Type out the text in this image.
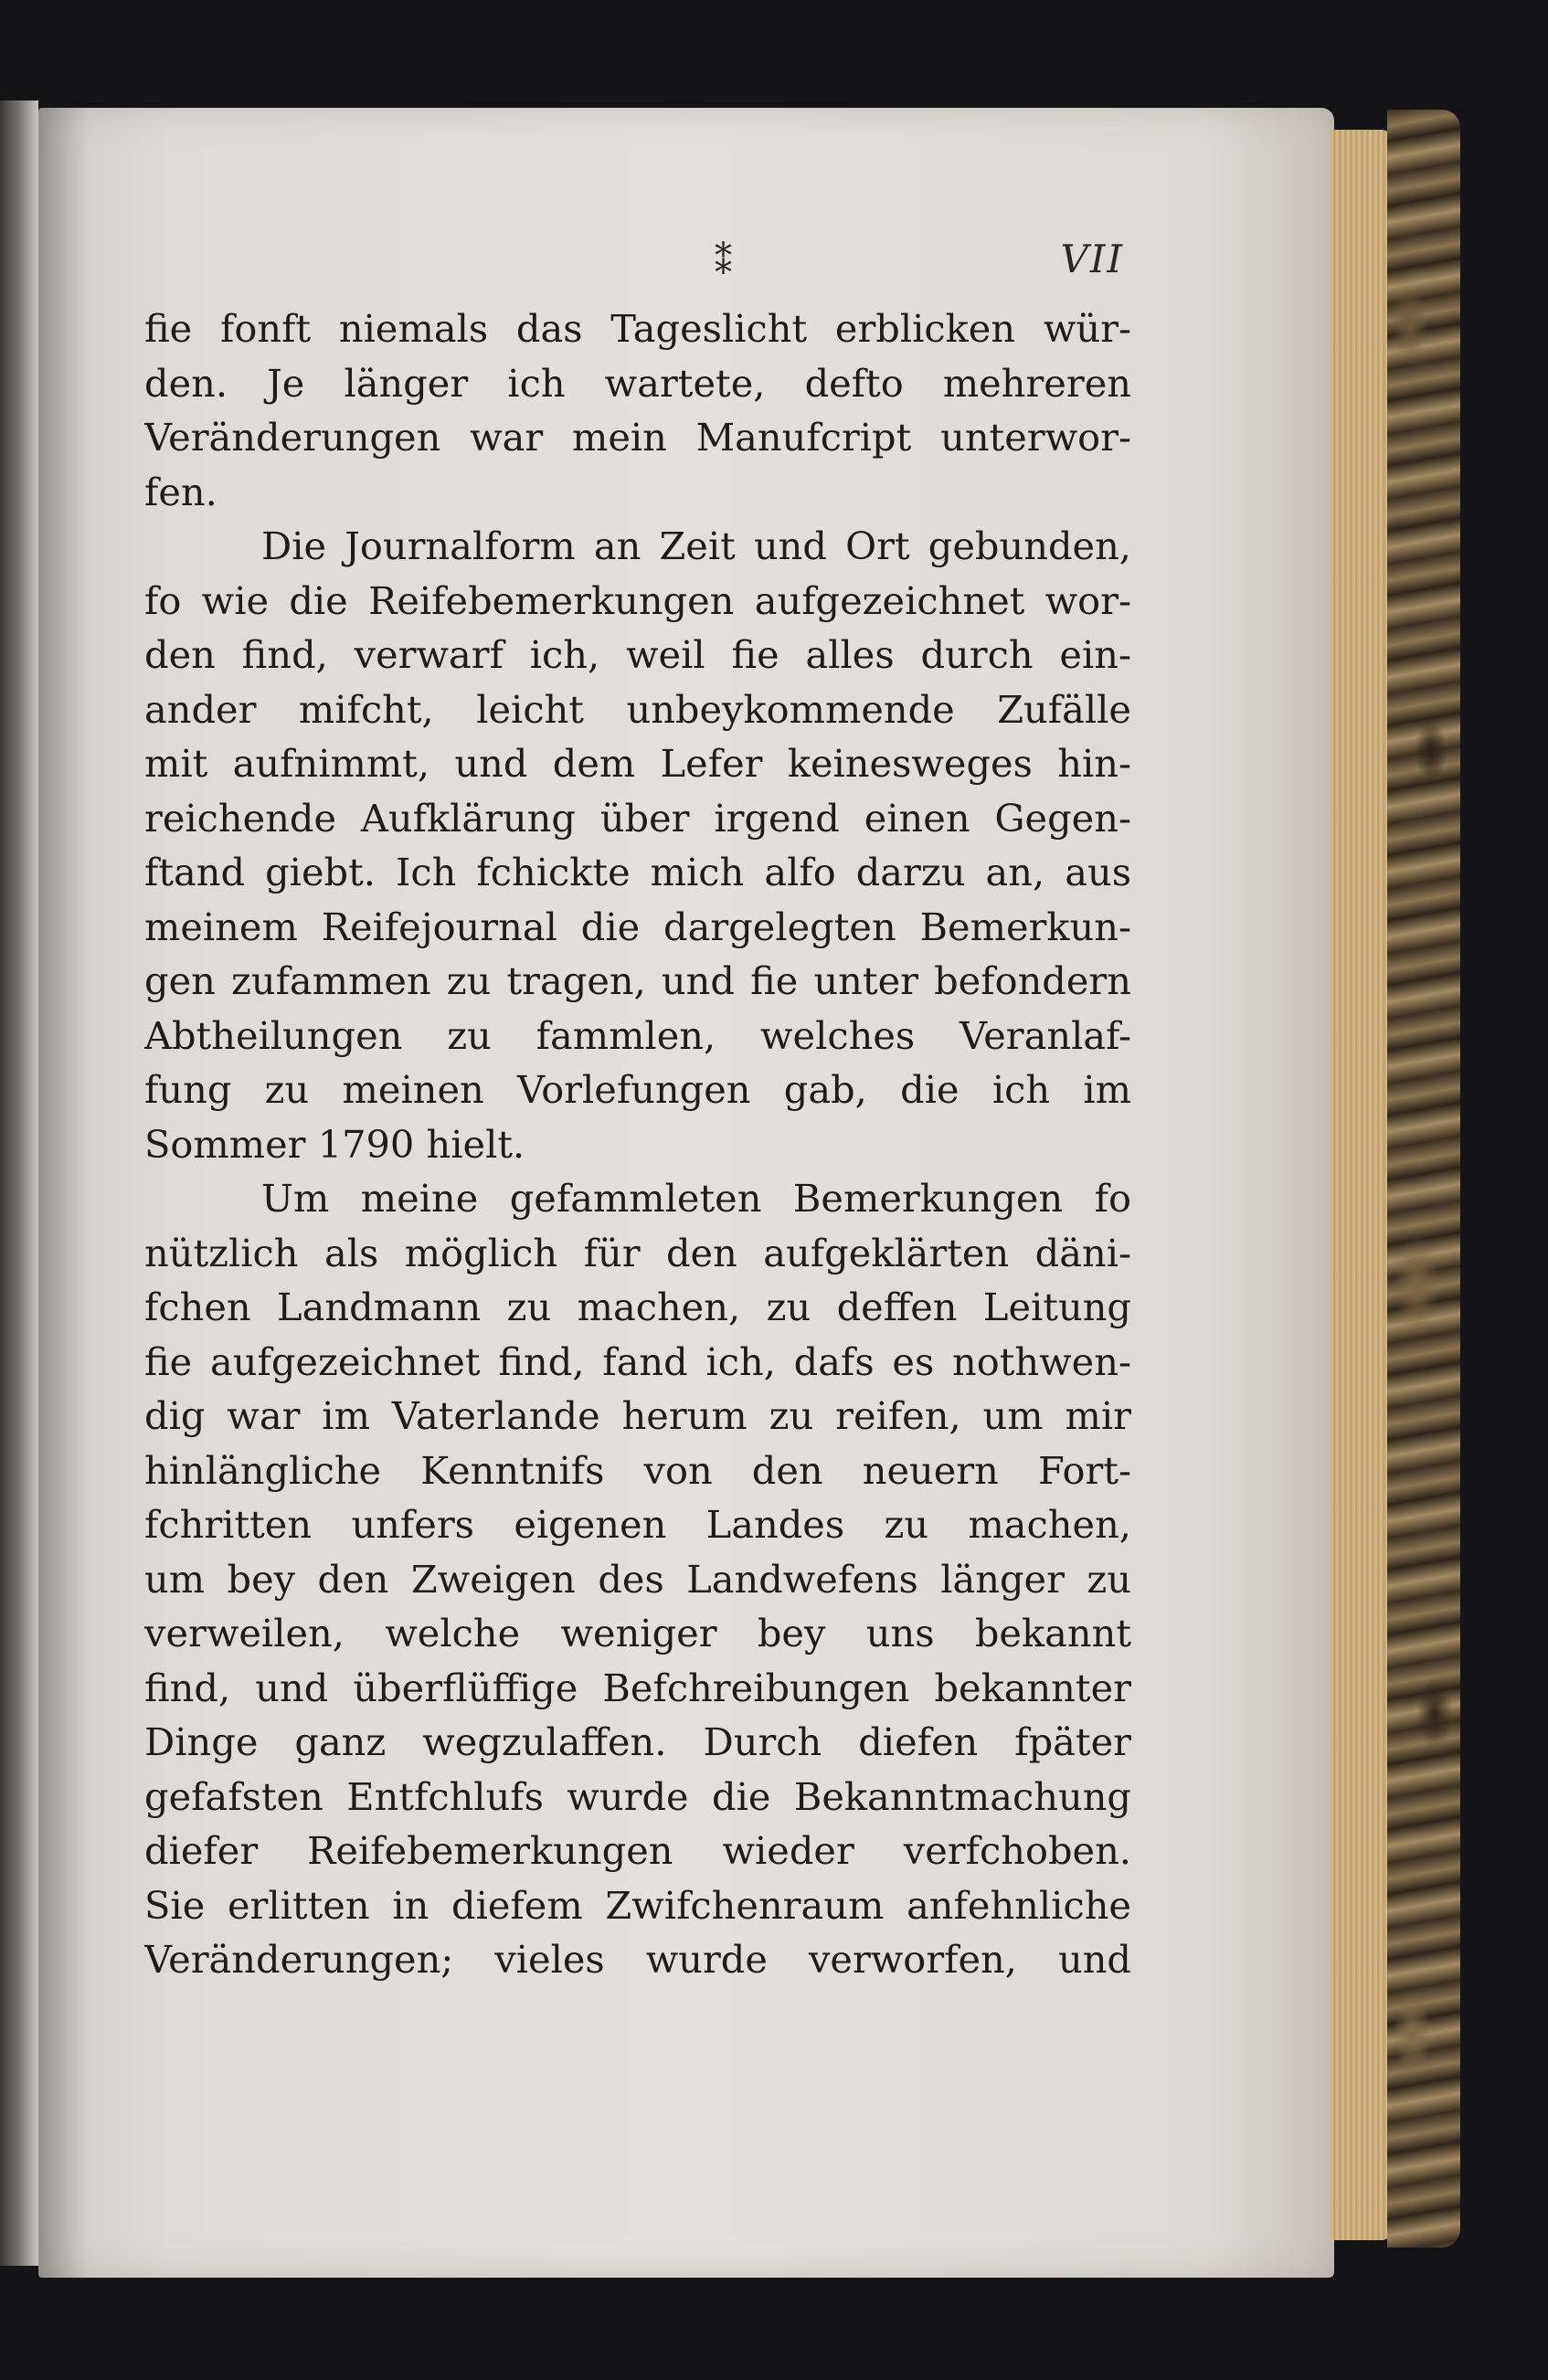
⁑	VII
fie fonft niemals das Tageslicht erblicken wür-
den. Je länger ich wartete, defto mehreren
Veränderungen war mein Manufcript unterwor-
fen.
Die Journalform an Zeit und Ort gebunden,
fo wie die Reifebemerkungen aufgezeichnet wor-
den find, verwarf ich, weil fie alles durch ein-
ander mifcht, leicht unbeykommende Zufälle
mit aufnimmt, und dem Lefer keinesweges hin-
reichende Aufklärung über irgend einen Gegen-
ftand giebt. Ich fchickte mich alfo darzu an, aus
meinem Reifejournal die dargelegten Bemerkun-
gen zufammen zu tragen, und fie unter befondern
Abtheilungen zu fammlen, welches Veranlaf-
fung zu meinen Vorlefungen gab, die ich im
Sommer 1790 hielt.
Um meine gefammleten Bemerkungen fo
nützlich als möglich für den aufgeklärten däni-
fchen Landmann zu machen, zu deffen Leitung
fie aufgezeichnet find, fand ich, dafs es nothwen-
dig war im Vaterlande herum zu reifen, um mir
hinlängliche Kenntnifs von den neuern Fort-
fchritten unfers eigenen Landes zu machen,
um bey den Zweigen des Landwefens länger zu
verweilen, welche weniger bey uns bekannt
find, und überflüffige Befchreibungen bekannter
Dinge ganz wegzulaffen. Durch diefen fpäter
gefafsten Entfchlufs wurde die Bekanntmachung
diefer Reifebemerkungen wieder verfchoben.
Sie erlitten in diefem Zwifchenraum anfehnliche
Veränderungen; vieles wurde verworfen, und
